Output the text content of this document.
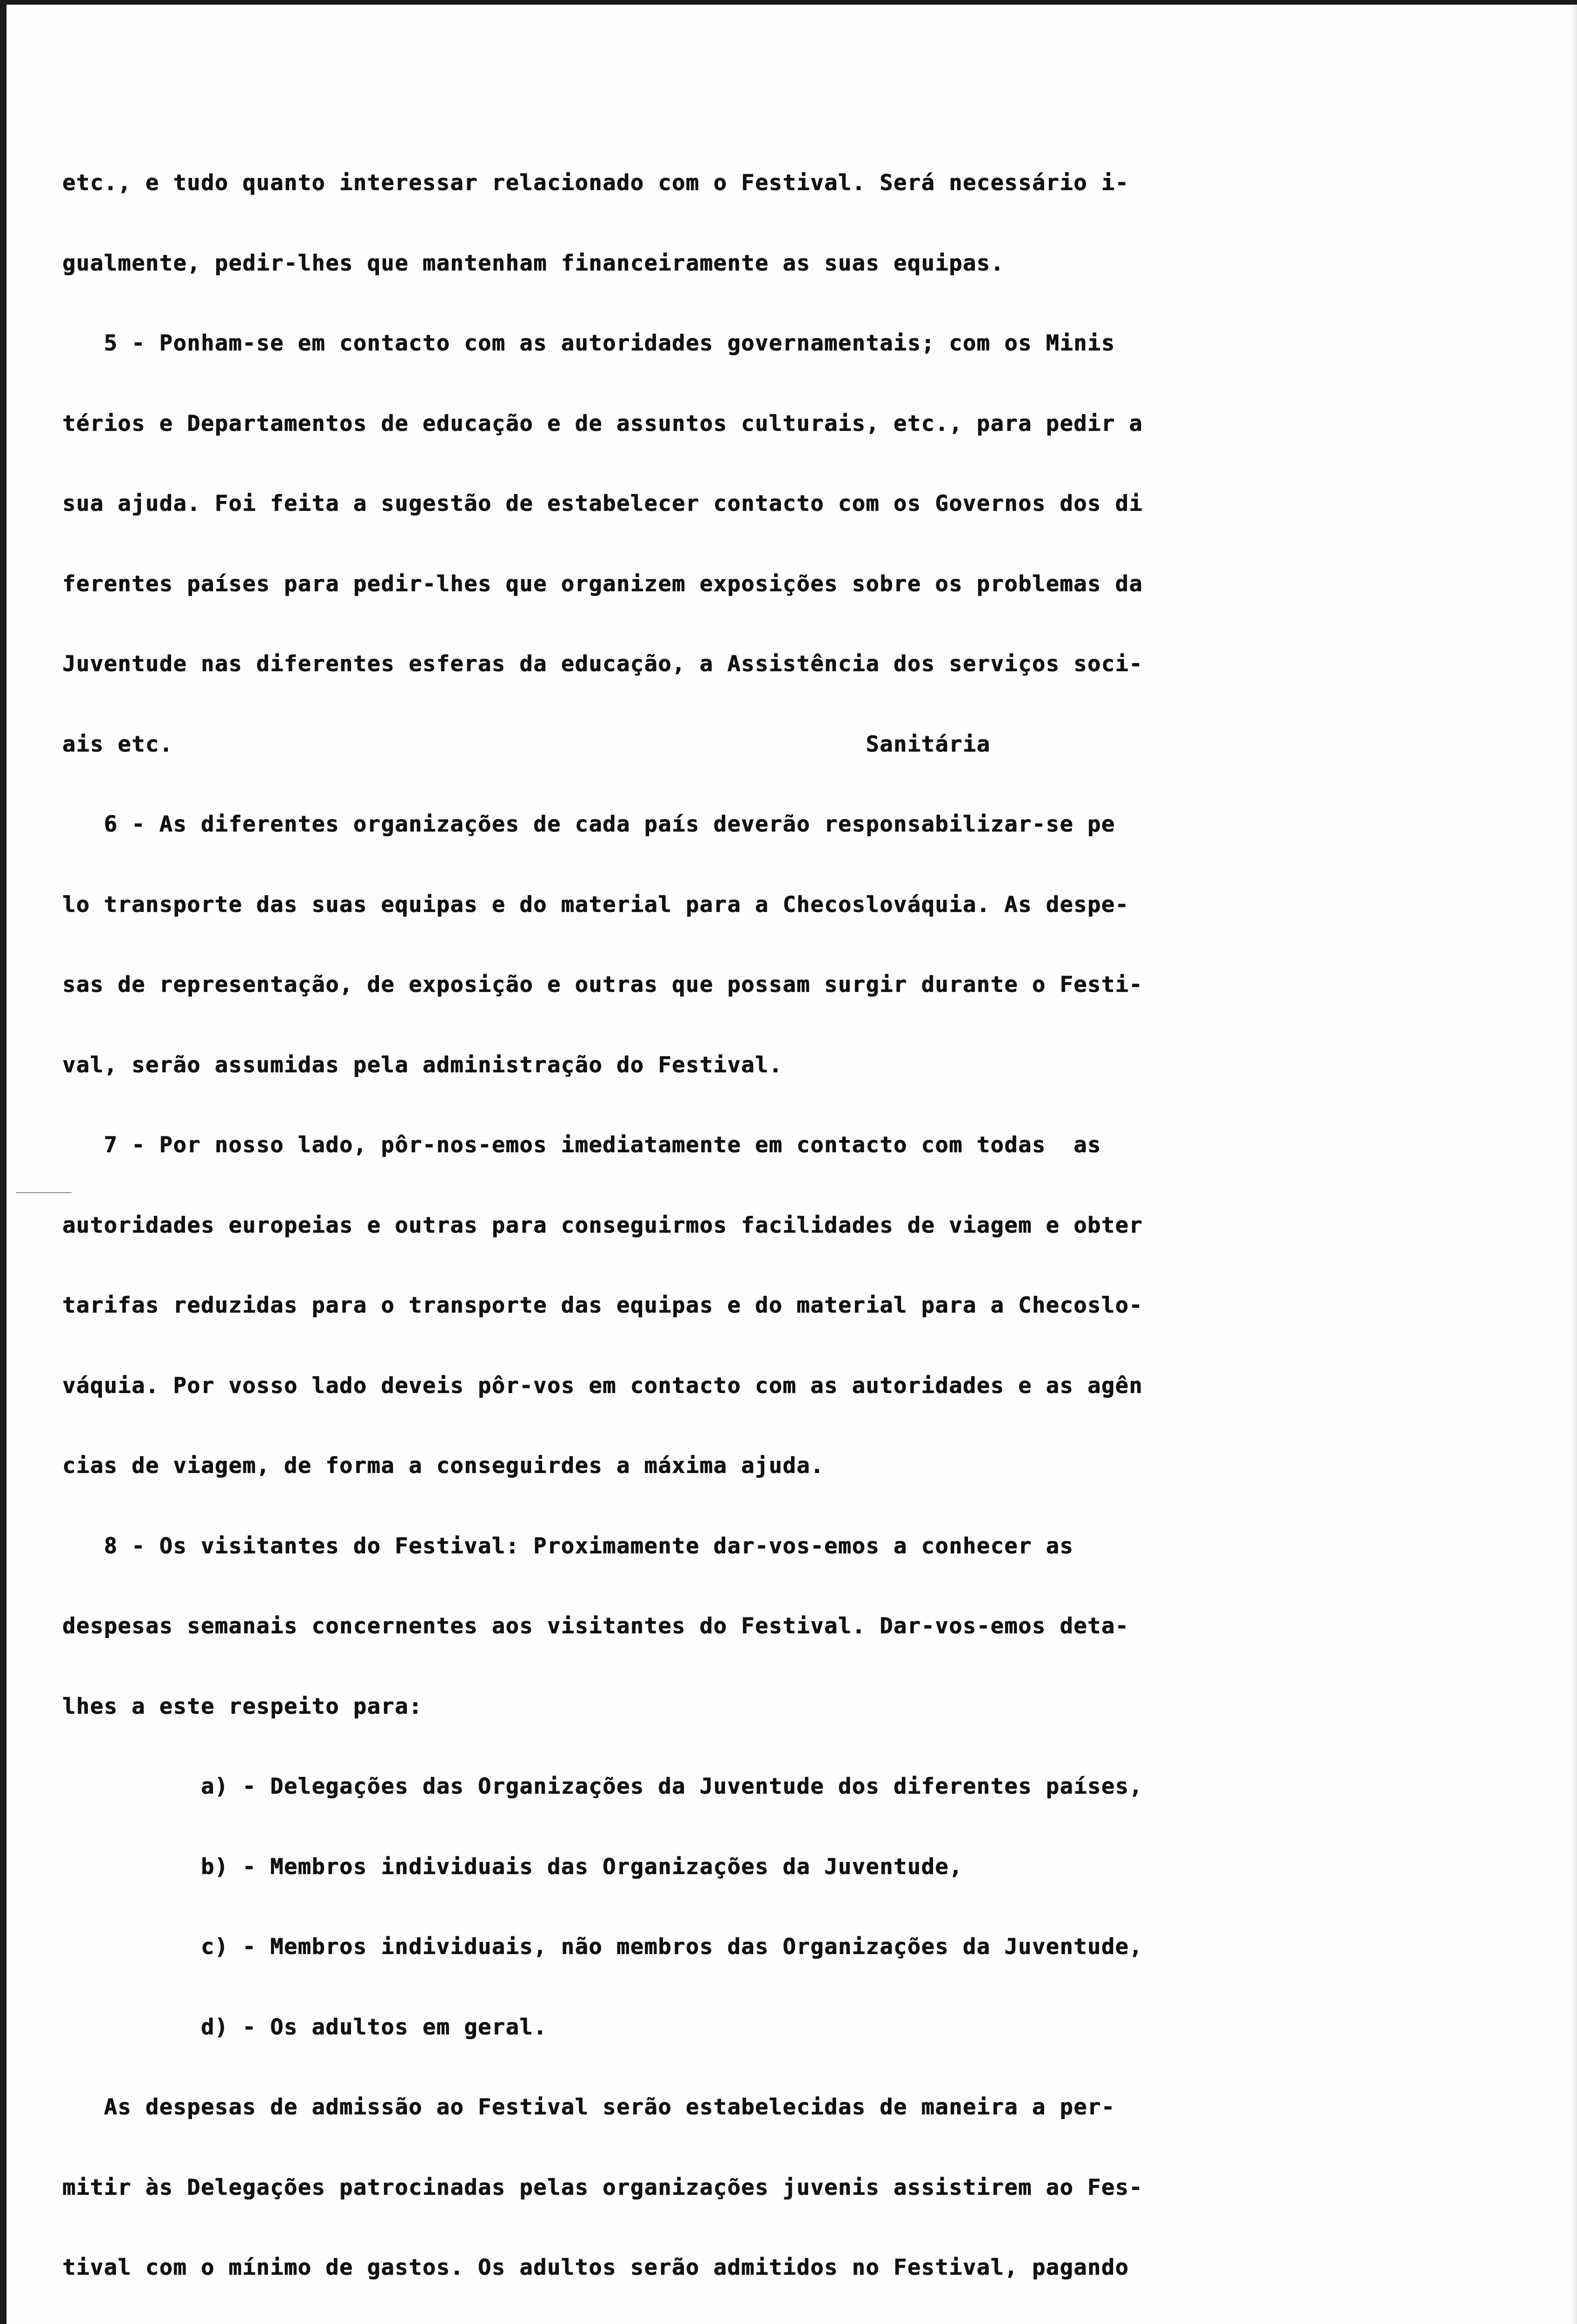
etc., e tudo quanto interessar relacionado com o Festival. Será necessário i-

gualmente, pedir-lhes que mantenham financeiramente as suas equipas.

5 - Ponham-se em contacto com as autoridades governamentais; com os Minis

térios e Departamentos de educação e de assuntos culturais, etc., para pedir a

sua ajuda. Foi feita a sugestão de estabelecer contacto com os Governos dos di

ferentes países para pedir-lhes que organizem exposições sobre os problemas da

Juventude nas diferentes esferas da educação, a Assistência dos serviços soci-

ais etc.                                                  Sanitária

6 - As diferentes organizações de cada país deverão responsabilizar-se pe

lo transporte das suas equipas e do material para a Checoslováquia. As despe-

sas de representação, de exposição e outras que possam surgir durante o Festi-

val, serão assumidas pela administração do Festival.

7 - Por nosso lado, pôr-nos-emos imediatamente em contacto com todas  as

autoridades europeias e outras para conseguirmos facilidades de viagem e obter

tarifas reduzidas para o transporte das equipas e do material para a Checoslo-

váquia. Por vosso lado deveis pôr-vos em contacto com as autoridades e as agên

cias de viagem, de forma a conseguirdes a máxima ajuda.

8 - Os visitantes do Festival: Proximamente dar-vos-emos a conhecer as

despesas semanais concernentes aos visitantes do Festival. Dar-vos-emos deta-

lhes a este respeito para:

a) - Delegações das Organizações da Juventude dos diferentes países,

b) - Membros individuais das Organizações da Juventude,

c) - Membros individuais, não membros das Organizações da Juventude,

d) - Os adultos em geral.

As despesas de admissão ao Festival serão estabelecidas de maneira a per-

mitir às Delegações patrocinadas pelas organizações juvenis assistirem ao Fes-

tival com o mínimo de gastos. Os adultos serão admitidos no Festival, pagando
